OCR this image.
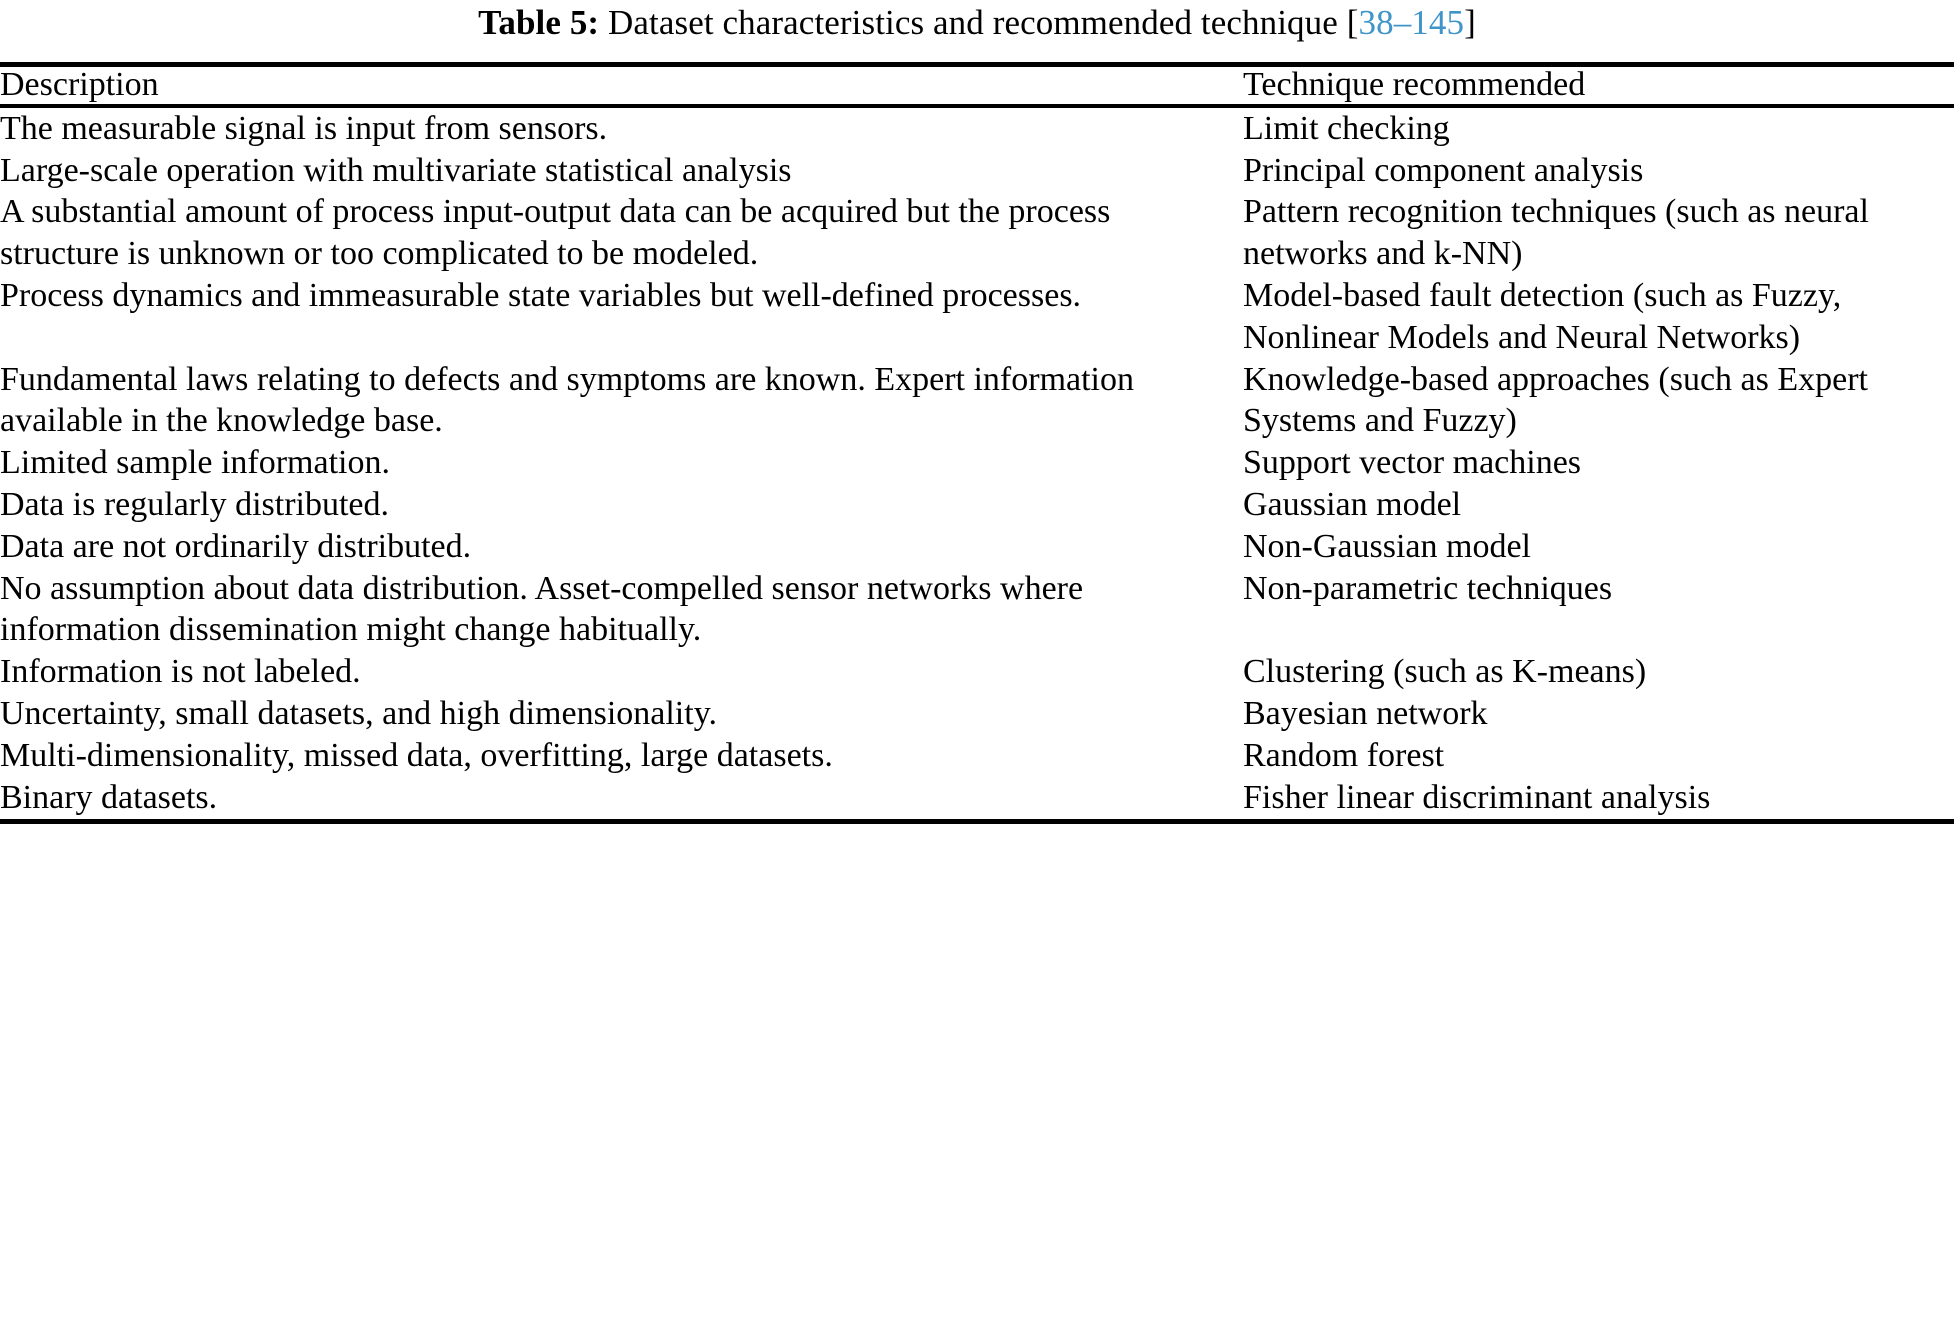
Table 5: Dataset characteristics and recommended technique [38–145]
Description	Technique recommended

The measurable signal is input from sensors.	Limit checking
Large-scale operation with multivariate statistical analysis	Principal component analysis
A substantial amount of process input-output data can be acquired but the process structure is unknown or too complicated to be modeled.	Pattern recognition techniques (such as neural networks and k-NN)
Process dynamics and immeasurable state variables but well-defined processes.	Model-based fault detection (such as Fuzzy, Nonlinear Models and Neural Networks)
Fundamental laws relating to defects and symptoms are known. Expert information available in the knowledge base.	Knowledge-based approaches (such as Expert Systems and Fuzzy)
Limited sample information.	Support vector machines
Data is regularly distributed.	Gaussian model
Data are not ordinarily distributed.	Non-Gaussian model
No assumption about data distribution. Asset-compelled sensor networks where information dissemination might change habitually.	Non-parametric techniques
Information is not labeled.	Clustering (such as K-means)
Uncertainty, small datasets, and high dimensionality.	Bayesian network
Multi-dimensionality, missed data, overfitting, large datasets.	Random forest
Binary datasets.	Fisher linear discriminant analysis
